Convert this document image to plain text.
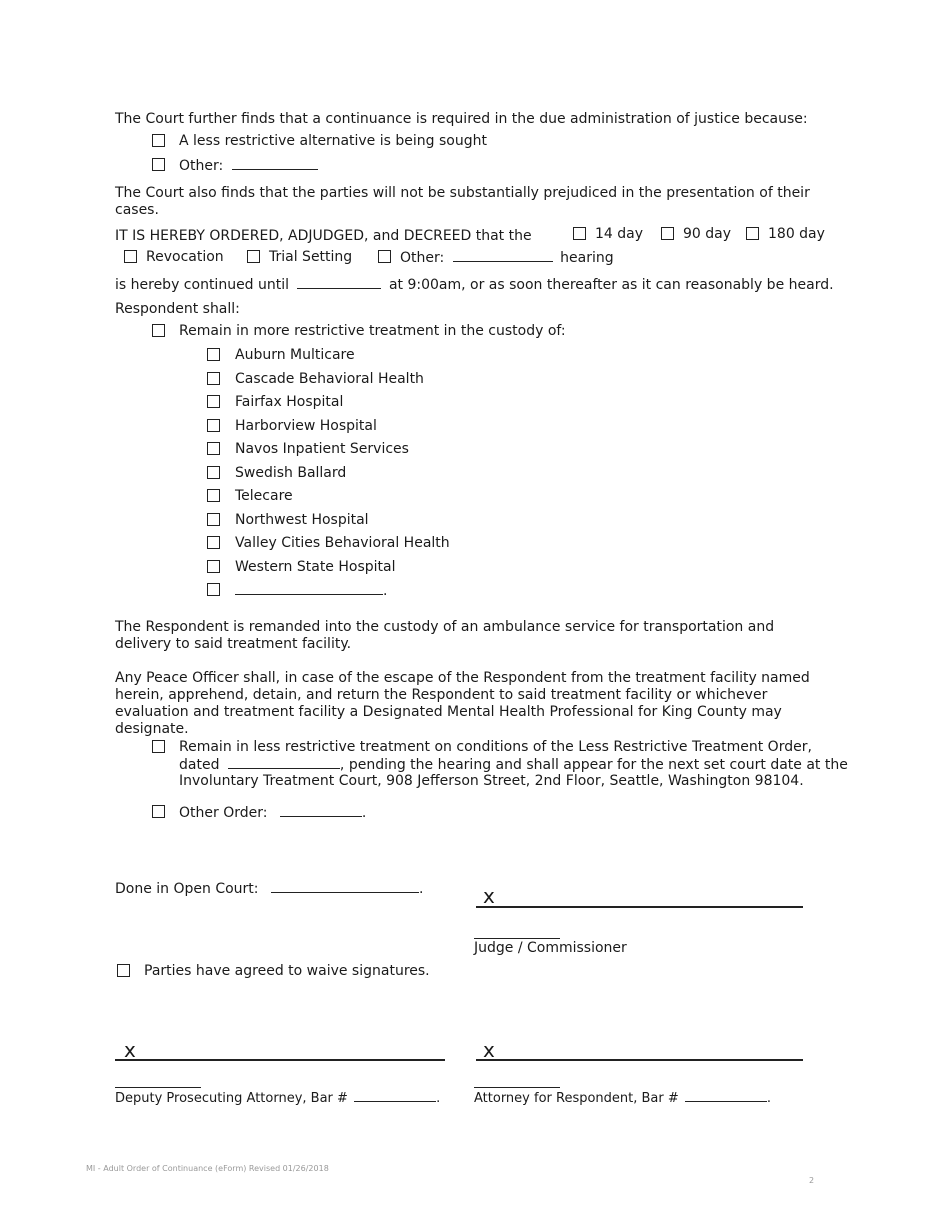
The Court further finds that a continuance is required in the due administration of justice because:
A less restrictive alternative is being sought
Other:
The Court also finds that the parties will not be substantially prejudiced in the presentation of their cases.
IT IS HEREBY ORDERED, ADJUDGED, and DECREED that the	14 day	90 day	180 day
Revocation	Trial Setting	Other:	hearing
is hereby continued until	at 9:00am, or as soon thereafter as it can reasonably be heard.
Respondent shall:
Remain in more restrictive treatment in the custody of:
Auburn Multicare
Cascade Behavioral Health
Fairfax Hospital
Harborview Hospital
Navos Inpatient Services
Swedish Ballard
Telecare
Northwest Hospital
Valley Cities Behavioral Health
Western State Hospital
.
The Respondent is remanded into the custody of an ambulance service for transportation and delivery to said treatment facility.
Any Peace Officer shall, in case of the escape of the Respondent from the treatment facility named herein, apprehend, detain, and return the Respondent to said treatment facility or whichever evaluation and treatment facility a Designated Mental Health Professional for King County may designate.
Remain in less restrictive treatment on conditions of the Less Restrictive Treatment Order,
dated	, pending the hearing and shall appear for the next set court date at the
Involuntary Treatment Court, 908 Jefferson Street, 2nd Floor, Seattle, Washington 98104.
Other Order:	.
Done in Open Court:	.	x
Judge / Commissioner
Parties have agreed to waive signatures.
x
Deputy Prosecuting Attorney, Bar #	.
x
Attorney for Respondent, Bar #	.
MI - Adult Order of Continuance (eForm) Revised 01/26/2018
2
